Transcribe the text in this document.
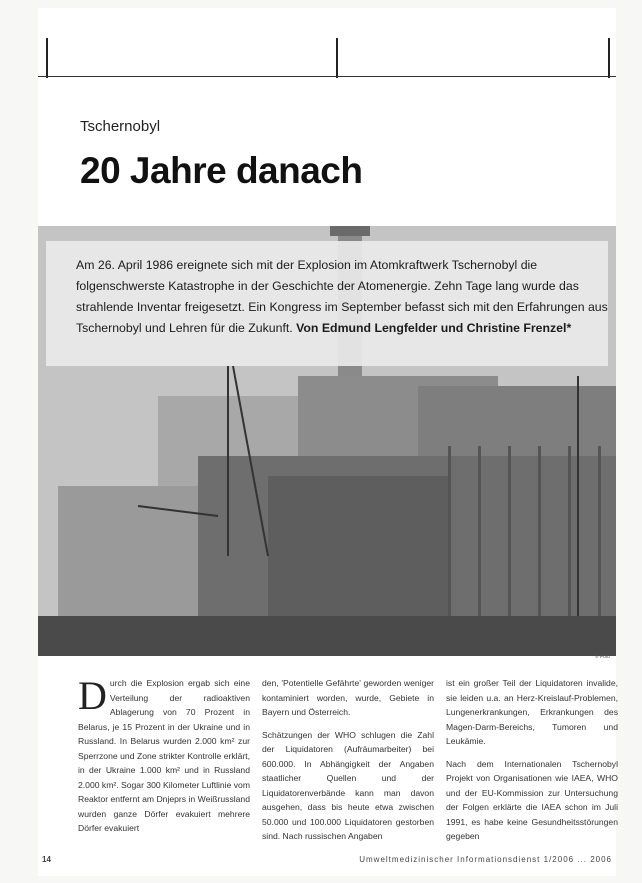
Tschernobyl
20 Jahre danach
Am 26. April 1986 ereignete sich mit der Explosion im Atomkraftwerk Tschernobyl die folgenschwerste Katastrophe in der Geschichte der Atomenergie. Zehn Tage lang wurde das strahlende Inventar freigesetzt. Ein Kongress im September befasst sich mit den Erfahrungen aus Tschernobyl und Lehren für die Zukunft. Von Edmund Lengfelder und Christine Frenzel*
© Foto

Durch die Explosion ergab sich eine Verteilung der radioaktiven Ablagerung von 70 Prozent in Belarus, je 15 Prozent in der Ukraine und in Russland. In Belarus wurden 2.000 km² zur Sperrzone und Zone strikter Kontrolle erklärt, in der Ukraine 1.000 km² und in Russland 2.000 km². Sogar 300 Kilometer Luftlinie vom Reaktor entfernt am Dnjeprs in Weißrussland wurden ganze Dörfer evakuiert mehrere Dörfer evakuiert

den, 'Potentielle Gefährte' geworden weniger kontaminiert worden, wurde, Gebiete in Bayern und Österreich.

Schätzungen der WHO schlugen die Zahl der Liquidatoren (Aufräumarbeiter) bei 600.000. In Abhängigkeit der Angaben staatlicher Quellen und der Liquidatorenverbände kann man davon ausgehen, dass bis heute etwa zwischen 50.000 und 100.000 Liquidatoren gestorben sind. Nach russischen Angaben

ist ein großer Teil der Liquidatoren invalide, sie leiden u.a. an Herz-Kreislauf-Problemen, Lungenerkrankungen, Erkrankungen des Magen-Darm-Bereichs, Tumoren und Leukämie.

Nach dem Internationalen Tschernobyl Projekt von Organisationen wie IAEA, WHO und der EU-Kommission zur Untersuchung der Folgen erklärte die IAEA schon im Juli 1991, es habe keine Gesundheitsstörungen gegeben

14	Umweltmedizinischer Informationsdienst 1/2006 ... 2006
